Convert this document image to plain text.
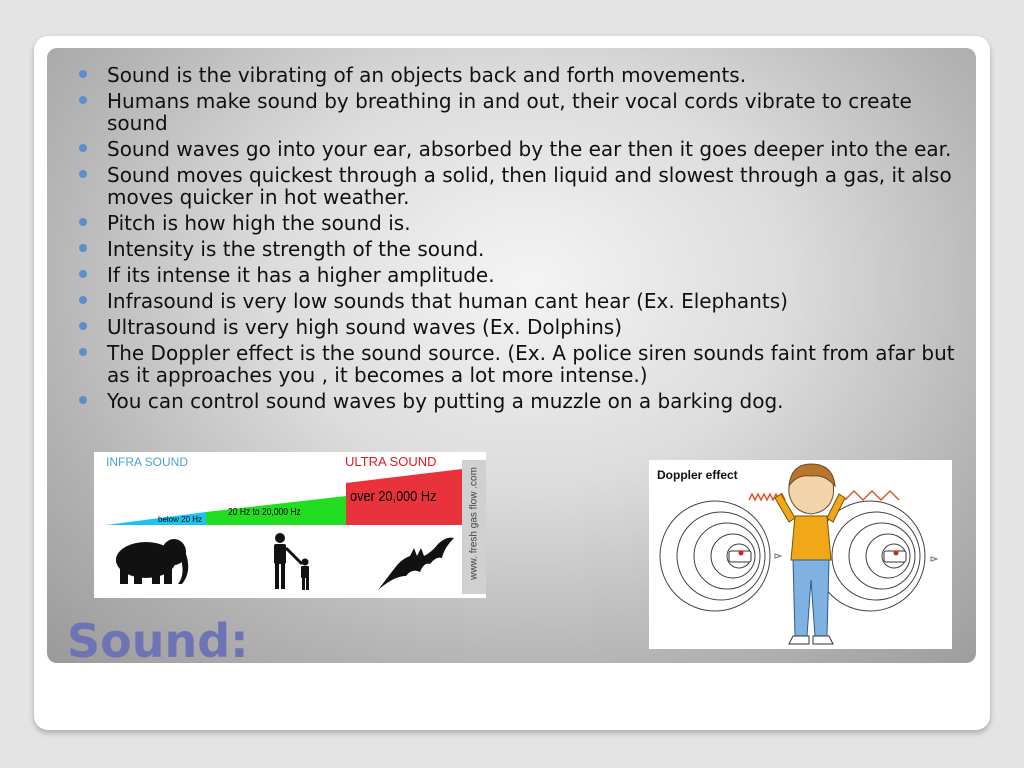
Sound is the vibrating of an objects back and forth movements.
Humans make sound by breathing in and out, their vocal cords vibrate to create sound
Sound waves go into your ear, absorbed by the ear then it goes deeper into the ear.
Sound moves quickest through a solid, then liquid and slowest through a gas, it also moves quicker in hot weather.
Pitch is how high the sound is.
Intensity is the strength of the sound.
If its intense it has a higher amplitude.
Infrasound is very low sounds that human cant hear (Ex. Elephants)
Ultrasound is very high sound waves (Ex. Dolphins)
The Doppler effect is the sound source. (Ex. A police siren sounds faint from afar but as it approaches you , it becomes a lot more intense.)
You can control sound waves by putting a muzzle on a barking dog.
INFRA SOUND	ULTRA SOUND
below 20 Hz
20 Hz to 20,000 Hz
over 20,000 Hz	www. fresh gas flow .com	Doppler effect
Sound:
